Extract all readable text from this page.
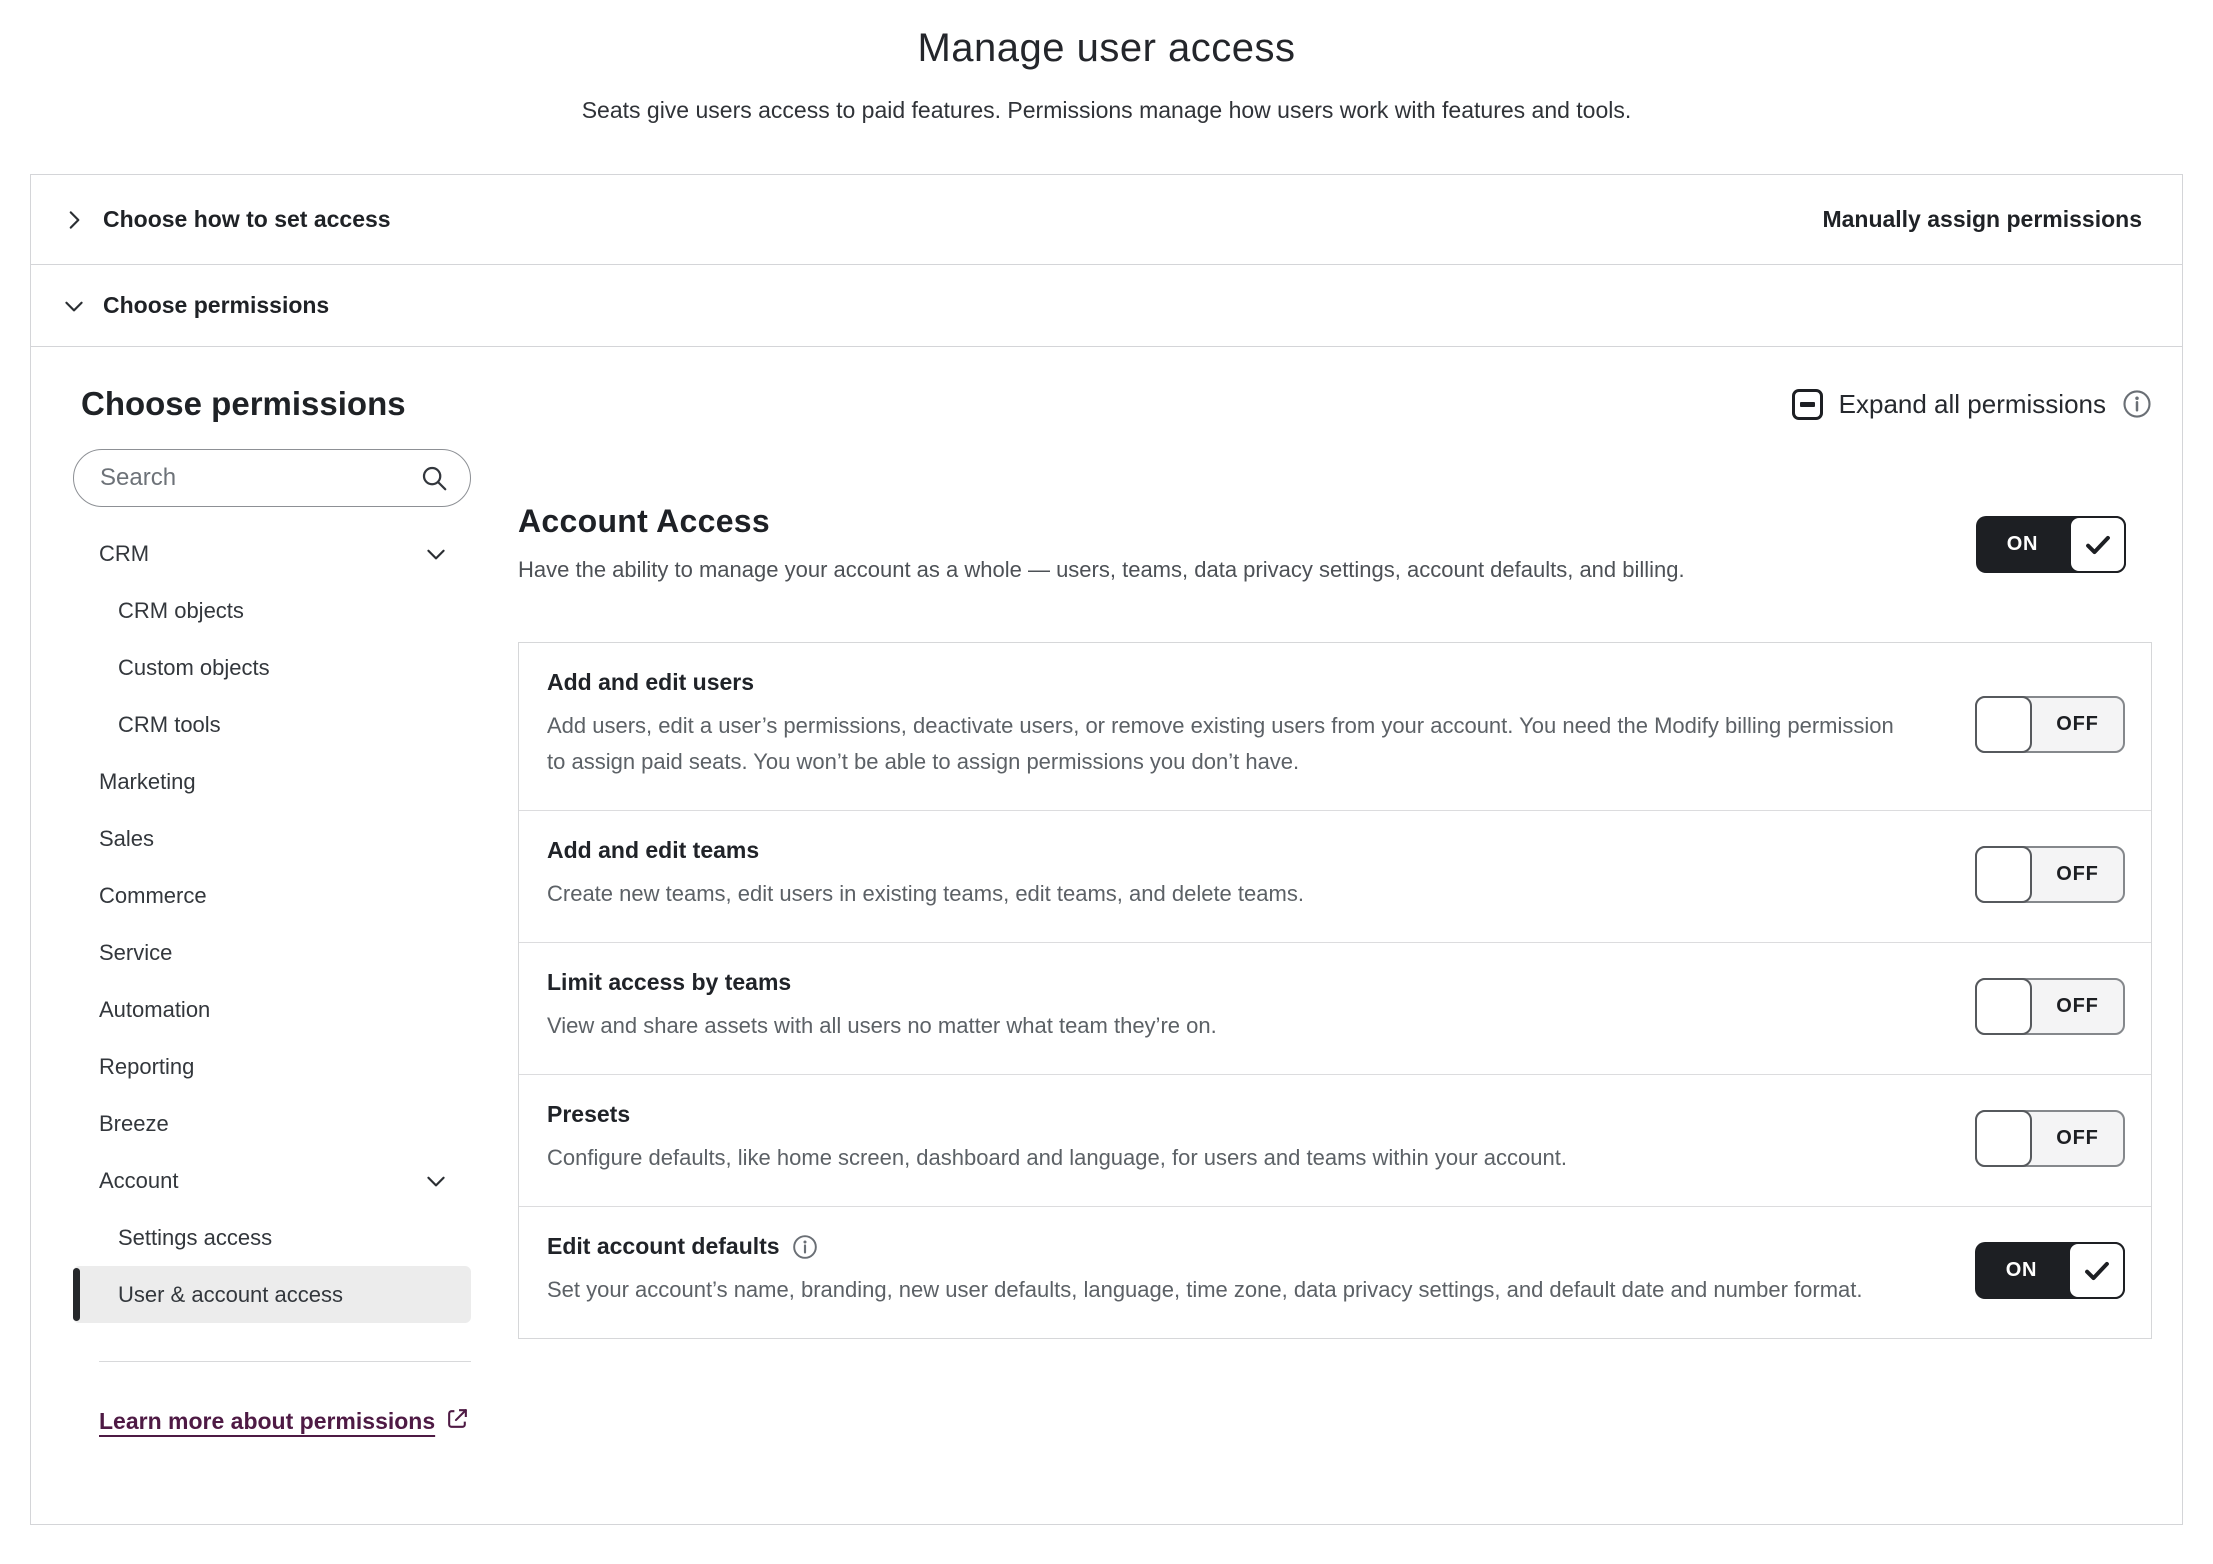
Manage user access

Seats give users access to paid features. Permissions manage how users work with features and tools.

Choose how to set access	Manually assign permissions
Choose permissions
Choose permissions	Expand all permissions
Search
CRM
CRM objects
Custom objects
CRM tools
Marketing
Sales
Commerce
Service
Automation
Reporting
Breeze
Account
Settings access
User & account access
Learn more about permissions
Account Access
Have the ability to manage your account as a whole — users, teams, data privacy settings, account defaults, and billing.
ON
Add and edit users
Add users, edit a user’s permissions, deactivate users, or remove existing users from your account. You need the Modify billing permission to assign paid seats. You won’t be able to assign permissions you don’t have.
OFF
Add and edit teams
Create new teams, edit users in existing teams, edit teams, and delete teams.
OFF
Limit access by teams
View and share assets with all users no matter what team they’re on.
OFF
Presets
Configure defaults, like home screen, dashboard and language, for users and teams within your account.
OFF
Edit account defaults
Set your account’s name, branding, new user defaults, language, time zone, data privacy settings, and default date and number format.
ON
